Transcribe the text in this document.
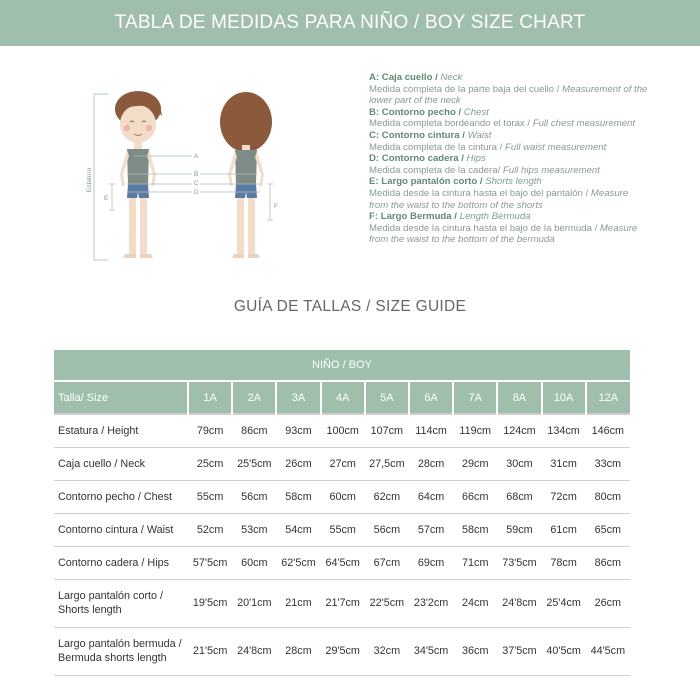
TABLA DE MEDIDAS PARA NIÑO / BOY SIZE CHART
Estatura
A
B
C
D
E
F
A: Caja cuello / Neck
Medida completa de la parte baja del cuello / Measurement of the lower part of the neck
B: Contorno pecho / Chest
Medida completa bordeando el torax / Full chest measurement
C: Contorno cintura / Waist
Medida completa de la cintura / Full waist measurement
D: Contorno cadera / Hips
Medida completa de la cadera/ Full hips measurement
E: Largo pantalón corto / Shorts length
Medida desde la cintura hasta el bajo del pantalón / Measure from the waist to the bottom of the shorts
F: Largo Bermuda / Length Bermuda
Medida desde la cintura hasta el bajo de la bermuda / Measure from the waist to the bottom of the bermuda
GUÍA DE TALLAS / SIZE GUIDE
NIÑO / BOY										
Talla/ Size	1A	2A	3A	4A	5A	6A	7A	8A	10A	12A
Estatura / Height	79cm	86cm	93cm	100cm	107cm	114cm	119cm	124cm	134cm	146cm
Caja cuello / Neck	25cm	25'5cm	26cm	27cm	27,5cm	28cm	29cm	30cm	31cm	33cm
Contorno pecho / Chest	55cm	56cm	58cm	60cm	62cm	64cm	66cm	68cm	72cm	80cm
Contorno cintura / Waist	52cm	53cm	54cm	55cm	56cm	57cm	58cm	59cm	61cm	65cm
Contorno cadera / Hips	57'5cm	60cm	62'5cm	64'5cm	67cm	69cm	71cm	73'5cm	78cm	86cm
Largo pantalón corto / Shorts length	19'5cm	20'1cm	21cm	21'7cm	22'5cm	23'2cm	24cm	24'8cm	25'4cm	26cm
Largo pantalón bermuda / Bermuda shorts length	21'5cm	24'8cm	28cm	29'5cm	32cm	34'5cm	36cm	37'5cm	40'5cm	44'5cm
